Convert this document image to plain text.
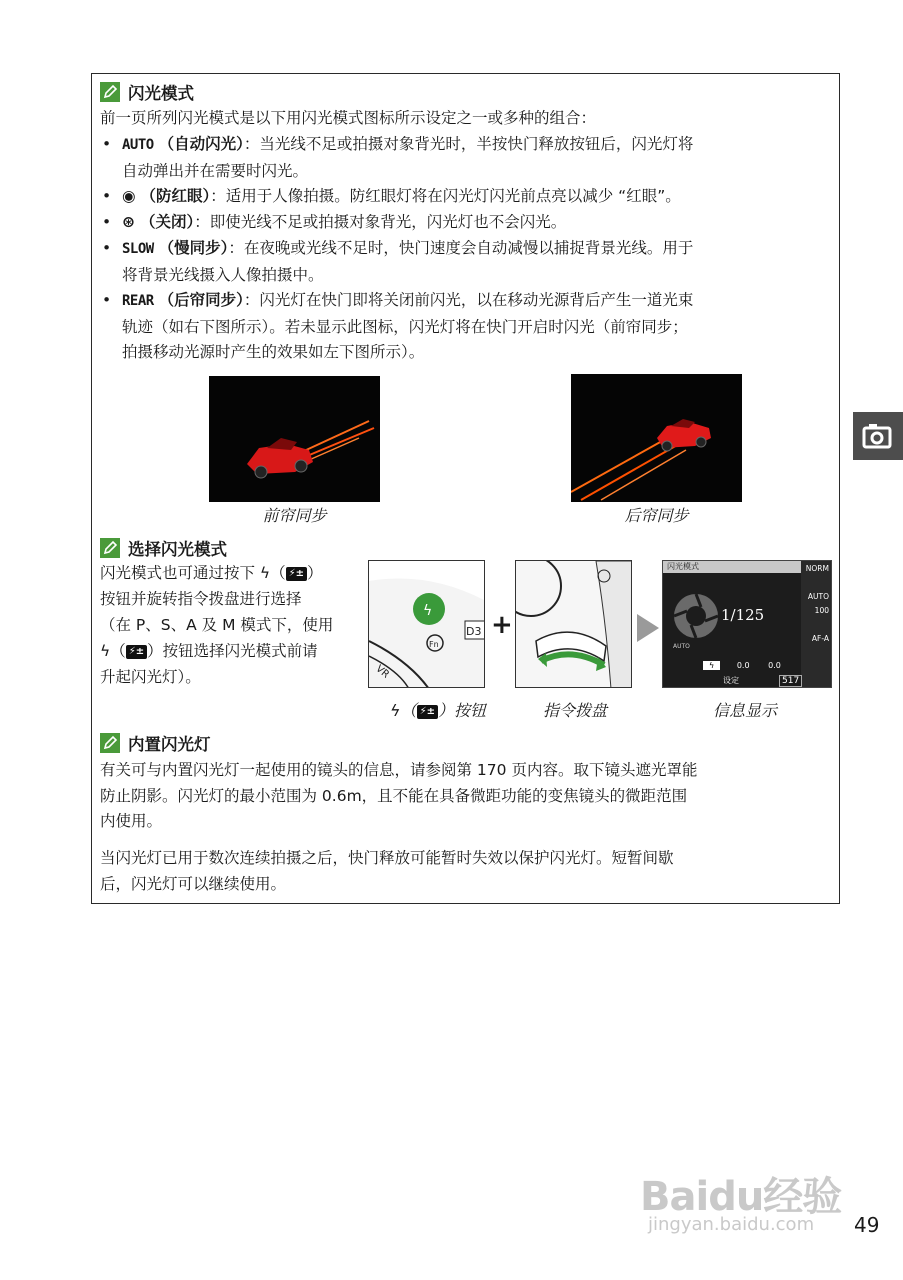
闪光模式
前一页所列闪光模式是以下用闪光模式图标所示设定之一或多种的组合：
• AUTO （自动闪光）：当光线不足或拍摄对象背光时，半按快门释放按钮后，闪光灯将
自动弹出并在需要时闪光。
• ◉ （防红眼）：适用于人像拍摄。防红眼灯将在闪光灯闪光前点亮以减少 “红眼”。
• ⊛ （关闭）：即使光线不足或拍摄对象背光，闪光灯也不会闪光。
• SLOW （慢同步）：在夜晚或光线不足时，快门速度会自动减慢以捕捉背景光线。用于
将背景光线摄入人像拍摄中。
• REAR （后帘同步）：闪光灯在快门即将关闭前闪光，以在移动光源背后产生一道光束
轨迹（如右下图所示）。若未显示此图标，闪光灯将在快门开启时闪光（前帘同步；
拍摄移动光源时产生的效果如左下图所示）。
前帘同步	后帘同步
选择闪光模式
闪光模式也可通过按下 ϟ（ ⚡± ）
按钮并旋转指令拨盘进行选择
（在 P、S、A 及 M 模式下，使用
ϟ（ ⚡± ）按钮选择闪光模式前请
升起闪光灯）。
ϟ
Fn
D3
VR
+
闪光模式
1/125
AUTO
NORM
AUTO
100
AF-A
ϟ	0.0 0.0
设定	517
ϟ（ ⚡± ）按钮	指令拨盘	信息显示
内置闪光灯
有关可与内置闪光灯一起使用的镜头的信息，请参阅第 170 页内容。取下镜头遮光罩能
防止阴影。闪光灯的最小范围为 0.6m，且不能在具备微距功能的变焦镜头的微距范围
内使用。
当闪光灯已用于数次连续拍摄之后，快门释放可能暂时失效以保护闪光灯。短暂间歇
后，闪光灯可以继续使用。
Baidu经验
jingyan.baidu.com 49
